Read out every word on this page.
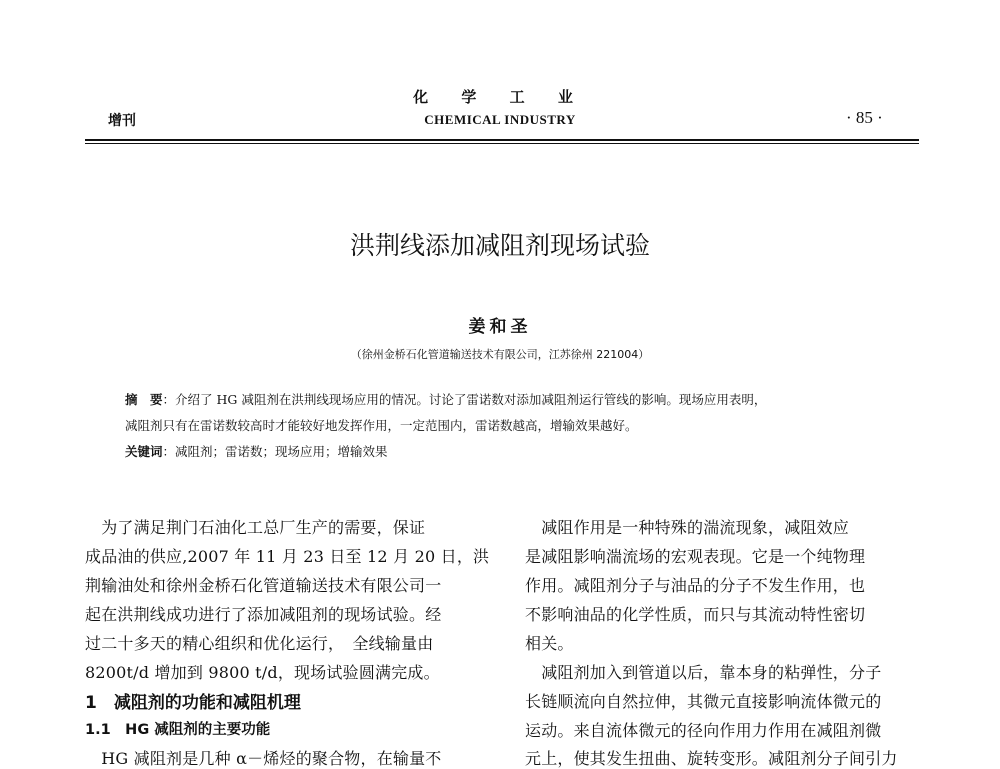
化 学 工 业
CHEMICAL INDUSTRY
增刊	· 85 ·
洪荆线添加减阻剂现场试验
姜和圣
（徐州金桥石化管道输送技术有限公司，江苏徐州 221004）
摘　要：介绍了 HG 减阻剂在洪荆线现场应用的情况。讨论了雷诺数对添加减阻剂运行管线的影响。现场应用表明，
减阻剂只有在雷诺数较高时才能较好地发挥作用，一定范围内，雷诺数越高，增输效果越好。
关键词：减阻剂；雷诺数；现场应用；增输效果
　为了满足荆门石油化工总厂生产的需要，保证
成品油的供应,2007 年 11 月 23 日至 12 月 20 日，洪
荆输油处和徐州金桥石化管道输送技术有限公司一
起在洪荆线成功进行了添加减阻剂的现场试验。经
过二十多天的精心组织和优化运行，　全线输量由
8200t/d 增加到 9800 t/d，现场试验圆满完成。
1　减阻剂的功能和减阻机理
1.1　HG 减阻剂的主要功能
　HG 减阻剂是几种 α－烯烃的聚合物，在输量不
　减阻作用是一种特殊的湍流现象，减阻效应
是减阻影响湍流场的宏观表现。它是一个纯物理
作用。减阻剂分子与油品的分子不发生作用，也
不影响油品的化学性质，而只与其流动特性密切
相关。
　减阻剂加入到管道以后，靠本身的粘弹性，分子
长链顺流向自然拉伸，其微元直接影响流体微元的
运动。来自流体微元的径向作用力作用在减阻剂微
元上，使其发生扭曲、旋转变形。减阻剂分子间引力
